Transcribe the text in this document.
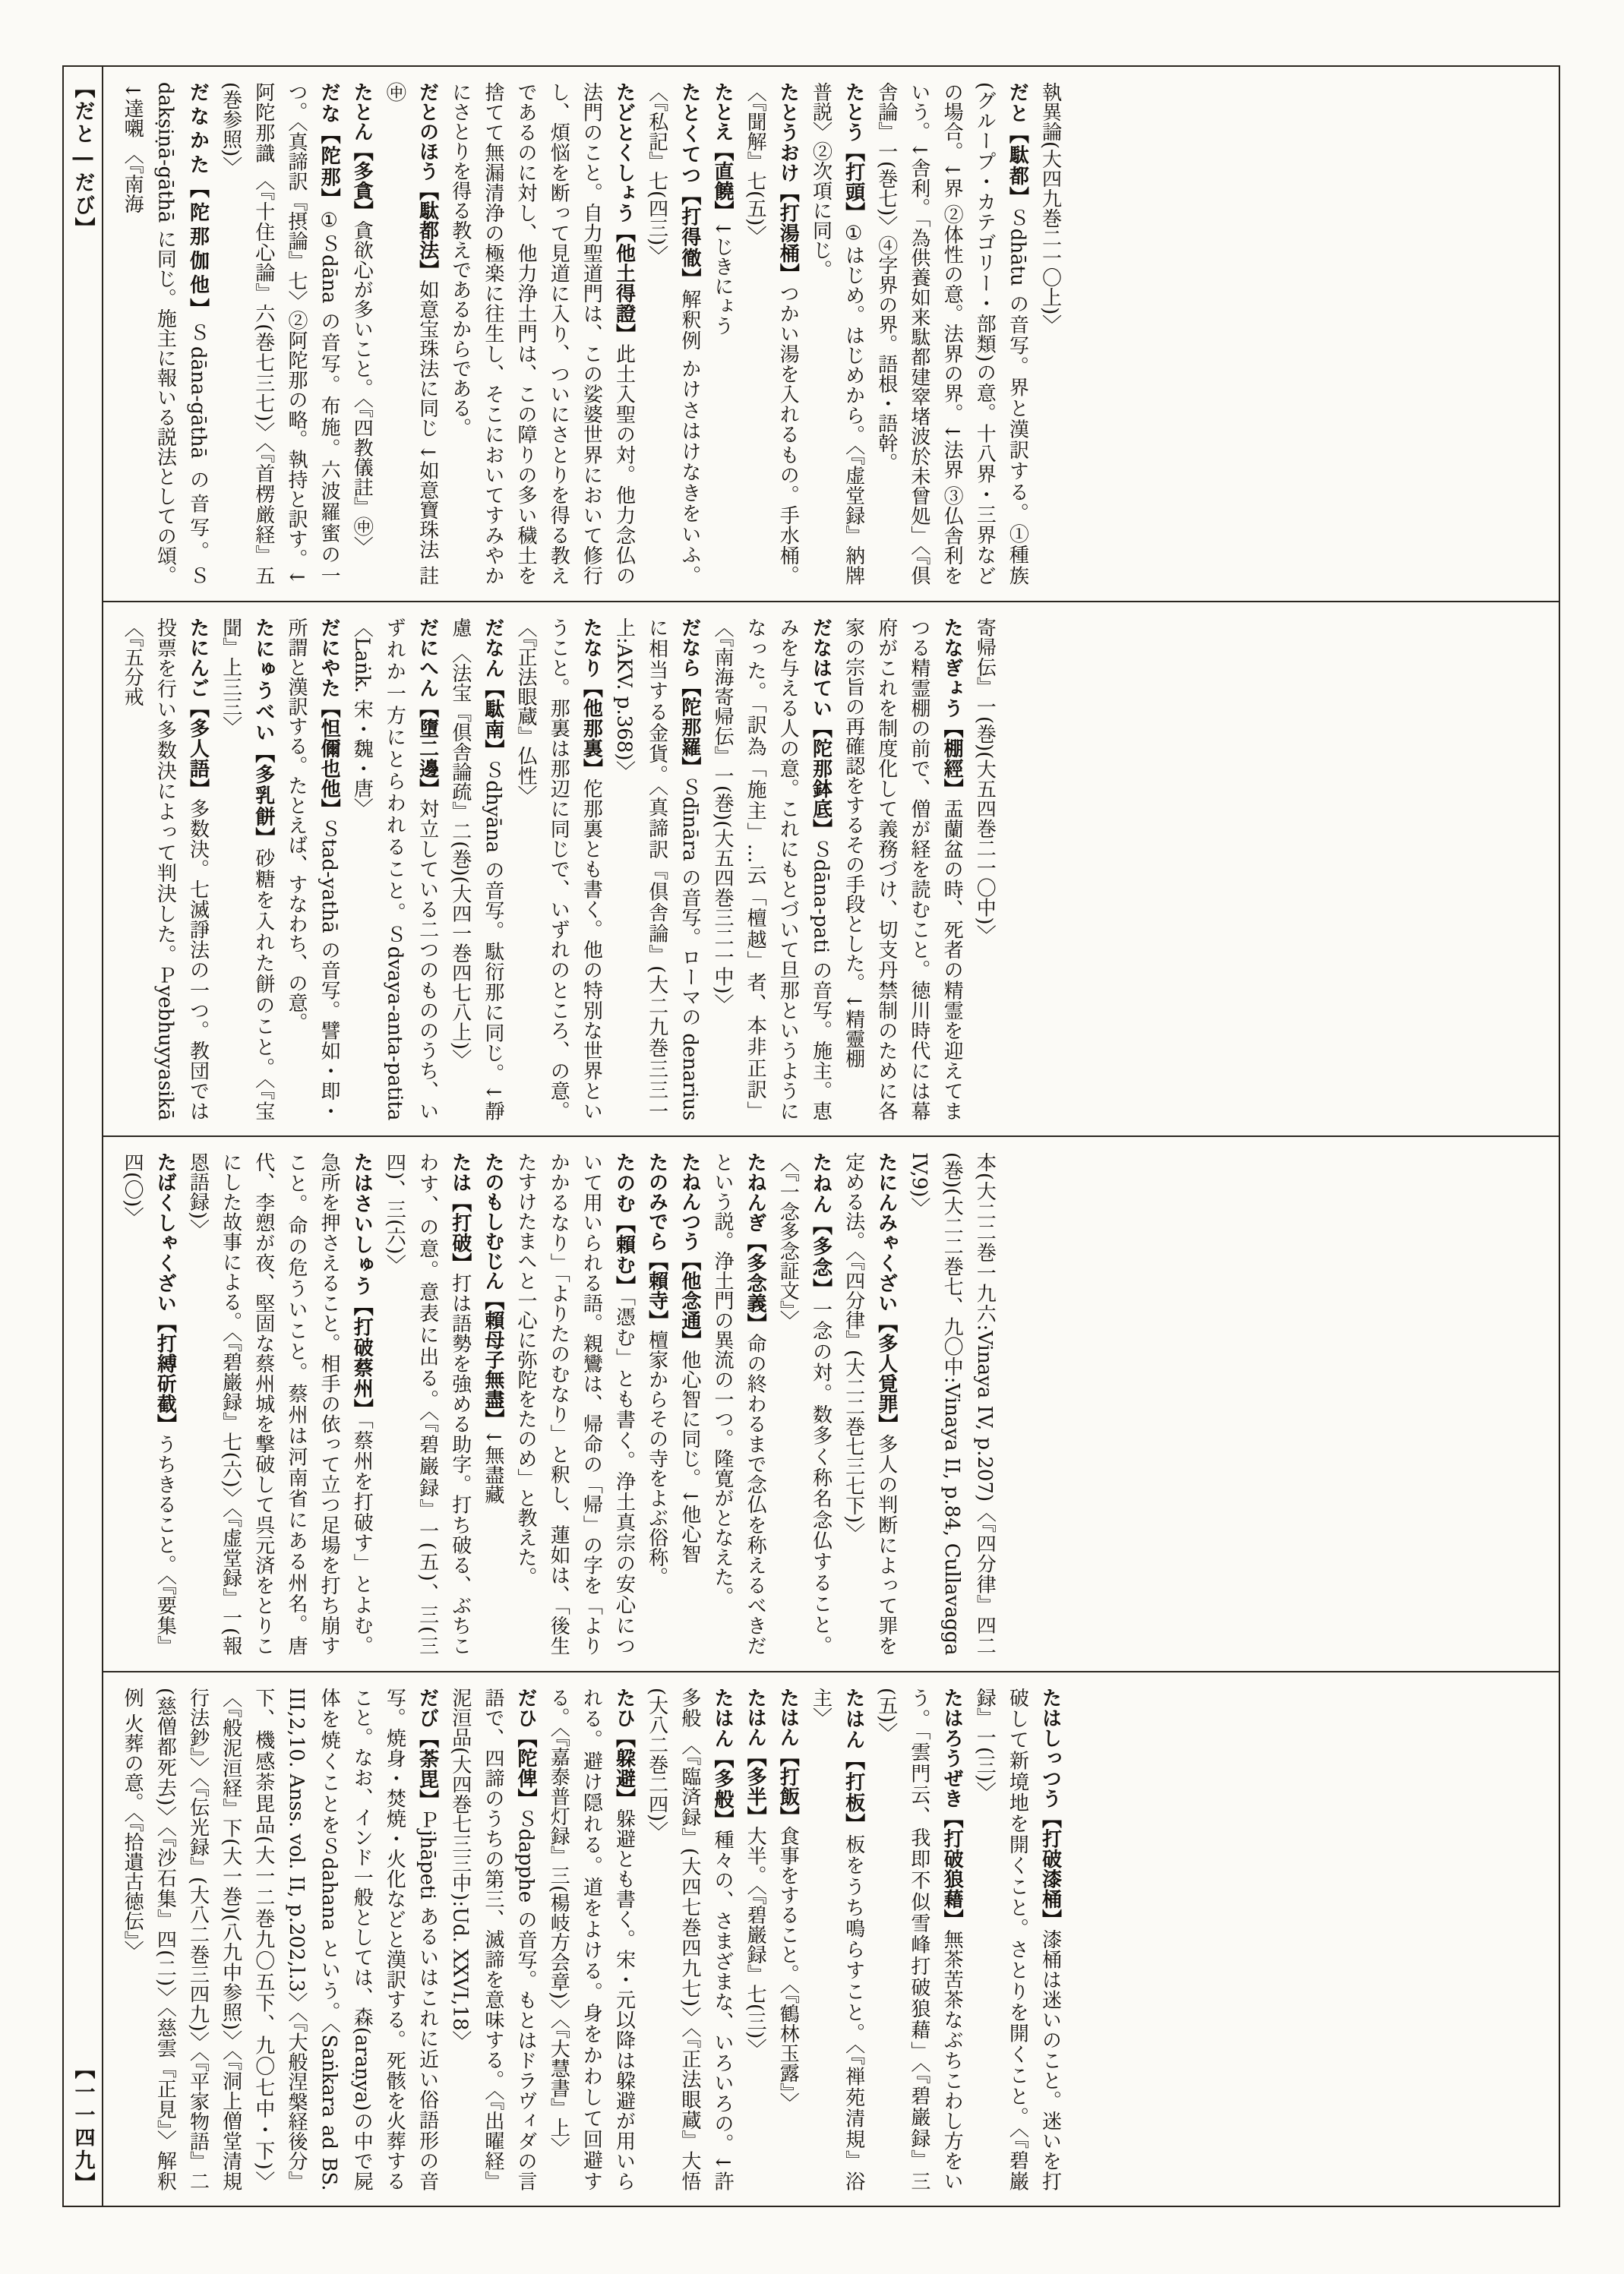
【だと―だび】
【一一四九】
執異論(大四九巻二一〇上)〉
だと【駄都】Ｓdhātu の音写。界と漢訳する。①種族(グループ・カテゴリー・部類)の意。十八界・三界などの場合。↓界 ②体性の意。法界の界。↓法界 ③仏舎利をいう。↓舎利。「為供養如来駄都建窣堵波於未曾処」〈『倶舎論』一(巻七)〉④字界の界。語根・語幹。
たとう【打頭】①はじめ。はじめから。〈『虚堂録』納牌普説〉②次項に同じ。
たとうおけ【打湯桶】つかい湯を入れるもの。手水桶。〈『聞解』七(五)〉
たとえ【直饒】↓じきにょう
たとくてつ【打得徹】解釈例 かけさはけなきをいふ。〈『私記』七(四三)〉
たどとくしょう【他土得證】此土入聖の対。他力念仏の法門のこと。自力聖道門は、この娑婆世界において修行し、煩悩を断って見道に入り、ついにさとりを得る教えであるのに対し、他力浄土門は、この障りの多い穢土を捨てて無漏清浄の極楽に往生し、そこにおいてすみやかにさとりを得る教えであるからである。
だとのほう【駄都法】如意宝珠法に同じ ↓如意寶珠法 註㊥
たとん【多貪】貪欲心が多いこと。〈『四教儀註』㊥〉
だな【陀那】①Ｓdāna の音写。布施。六波羅蜜の一つ。〈真諦訳『摂論』七〉②阿陀那の略。執持と訳す。↓阿陀那識 〈『十住心論』六(巻七三七)〉〈『首楞厳経』五(巻参照)〉
だなかた【陀那伽他】Ｓdāna-gāthā の音写。Ｓdakṣiṇā-gāthā に同じ。施主に報いる説法としての頌。↓達嚫 〈『南海
寄帰伝』一(巻)(大五四巻二一〇中)〉
たなぎょう【棚經】盂蘭盆の時、死者の精霊を迎えてまつる精霊棚の前で、僧が経を読むこと。徳川時代には幕府がこれを制度化して義務づけ、切支丹禁制のために各家の宗旨の再確認をするその手段とした。↓精靈棚
だなはてい【陀那鉢底】Ｓdāna-pati の音写。施主。恵みを与える人の意。これにもとづいて旦那というようになった。「訳為「施主」…云「檀越」者、本非正訳」〈『南海寄帰伝』一(巻)(大五四巻三二一中)〉
だなら【陀那羅】Ｓdīnāra の音写。ローマの denarius に相当する金貨。〈真諦訳『倶舎論』(大二九巻三三一上:AKV. p.368)〉
たなり【他那裏】佗那裏とも書く。他の特別な世界ということ。那裏は那辺に同じで、いずれのところ、の意。〈『正法眼蔵』仏性〉
だなん【駄南】Ｓdhyāna の音写。駄衍那に同じ。↓靜慮 〈法宝『倶舎論疏』二(巻)(大四一巻四七八上)〉
だにへん【墮二邊】対立している二つのもののうち、いずれか一方にとらわれること。Ｓdvaya-anta-patita 〈Laṅk. 宋・魏・唐〉
だにやた【怛儞也他】Ｓtad-yathā の音写。譬如・即・所謂と漢訳する。たとえば、すなわち、の意。
たにゅうべい【多乳餅】砂糖を入れた餅のこと。〈『宝聞』上三三〉
たにんご【多人語】多数決。七滅諍法の一つ。教団では投票を行い多数決によって判決した。Ｐyebhuyyasikā 〈『五分戒
本(大二二巻一九六:Vinaya IV, p.207)〈『四分律』四二(巻)(大二二巻七、九〇中:Vinaya II, p.84, Cullavagga IV,9)〉
たにんみゃくざい【多人覓罪】多人の判断によって罪を定める法。〈『四分律』(大二二巻七三七下)〉
たねん【多念】一念の対。数多く称名念仏すること。〈『一念多念証文』〉
たねんぎ【多念義】命の終わるまで念仏を称えるべきだという説。浄土門の異流の一つ。隆寛がとなえた。
たねんつう【他念通】他心智に同じ。↓他心智
たのみでら【賴寺】檀家からその寺をよぶ俗称。
たのむ【賴む】「憑む」とも書く。浄土真宗の安心について用いられる語。親鸞は、帰命の「帰」の字を「よりかかるなり」「よりたのむなり」と釈し、蓮如は、「後生たすけたまへと一心に弥陀をたのめ」と教えた。
たのもしむじん【賴母子無盡】↓無盡藏
たは【打破】打は語勢を強める助字。打ち破る、ぶちこわす、の意。意表に出る。〈『碧巌録』一(五)、三(三四)、三(六)〉
たはさいしゅう【打破蔡州】「蔡州を打破す」とよむ。急所を押さえること。相手の依って立つ足場を打ち崩すこと。命の危ういこと。蔡州は河南省にある州名。唐代、李愬が夜、堅固な蔡州城を撃破して呉元済をとりこにした故事による。〈『碧巌録』七(六)〉〈『虚堂録』一(報恩語録)〉
たばくしゃくざい【打縛斫截】うちきること。〈『要集』四(〇)〉
たはしっつう【打破漆桶】漆桶は迷いのこと。迷いを打破して新境地を開くこと。さとりを開くこと。〈『碧巌録』一(三)〉
たはろうぜき【打破狼藉】無茶苦茶なぶちこわし方をいう。「雲門云、我即不似雪峰打破狼藉」〈『碧巌録』三(五)〉
たはん【打板】板をうち鳴らすこと。〈『禅苑清規』浴主〉
たはん【打飯】食事をすること。〈『鶴林玉露』〉
たはん【多半】大半。〈『碧巌録』七(三)〉
たはん【多般】種々の、さまざまな、いろいろの。↓許多般 〈『臨済録』(大四七巻四九七)〉〈『正法眼蔵』大悟(大八二巻二四)〉
たひ【躱避】躲避とも書く。宋・元以降は躱避が用いられる。避け隠れる。道をよける。身をかわして回避する。〈『嘉泰普灯録』三(楊岐方会章)〉〈『大慧書』上〉
だひ【陀俾】Ｓdapphe の音写。もとはドラヴィダの言語で、四諦のうちの第三、滅諦を意味する。〈『出曜経』泥洹品(大四巻七三三中):Ud. XXVI,18〉
だび【荼毘】Ｐjhāpeti あるいはこれに近い俗語形の音写。焼身・焚焼・火化などと漢訳する。死骸を火葬すること。なお、インド一般としては、森(araṇya)の中で屍体を焼くことをＳdahana という。〈Saṅkara ad BS. III,2,10. Anss. vol. II, p.202,l.3〉〈『大般涅槃経後分』下、機感荼毘品(大一二巻九〇五下、九〇七中・下)〉〈『般泥洹経』下(大一巻)(八九中参照)〉〈『洞上僧堂清規行法鈔』〉〈『伝光録』(大八二巻三四九)〉〈『平家物語』二(慈僧都死去)〉〈『沙石集』四(二)〉〈慈雲『正見』〉解釈例 火葬の意。〈『拾遺古徳伝』〉
